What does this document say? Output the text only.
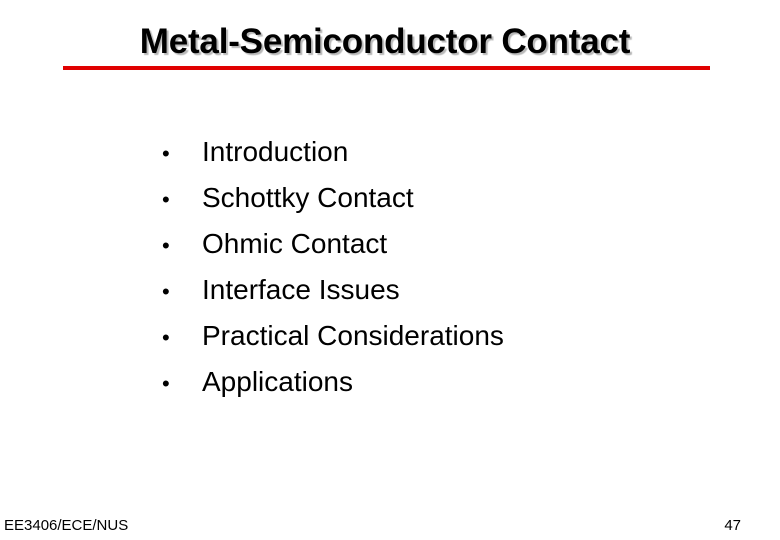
Metal-Semiconductor Contact
•	Introduction
•	Schottky Contact
•	Ohmic Contact
•	Interface Issues
•	Practical Considerations
•	Applications
EE3406/ECE/NUS	47
